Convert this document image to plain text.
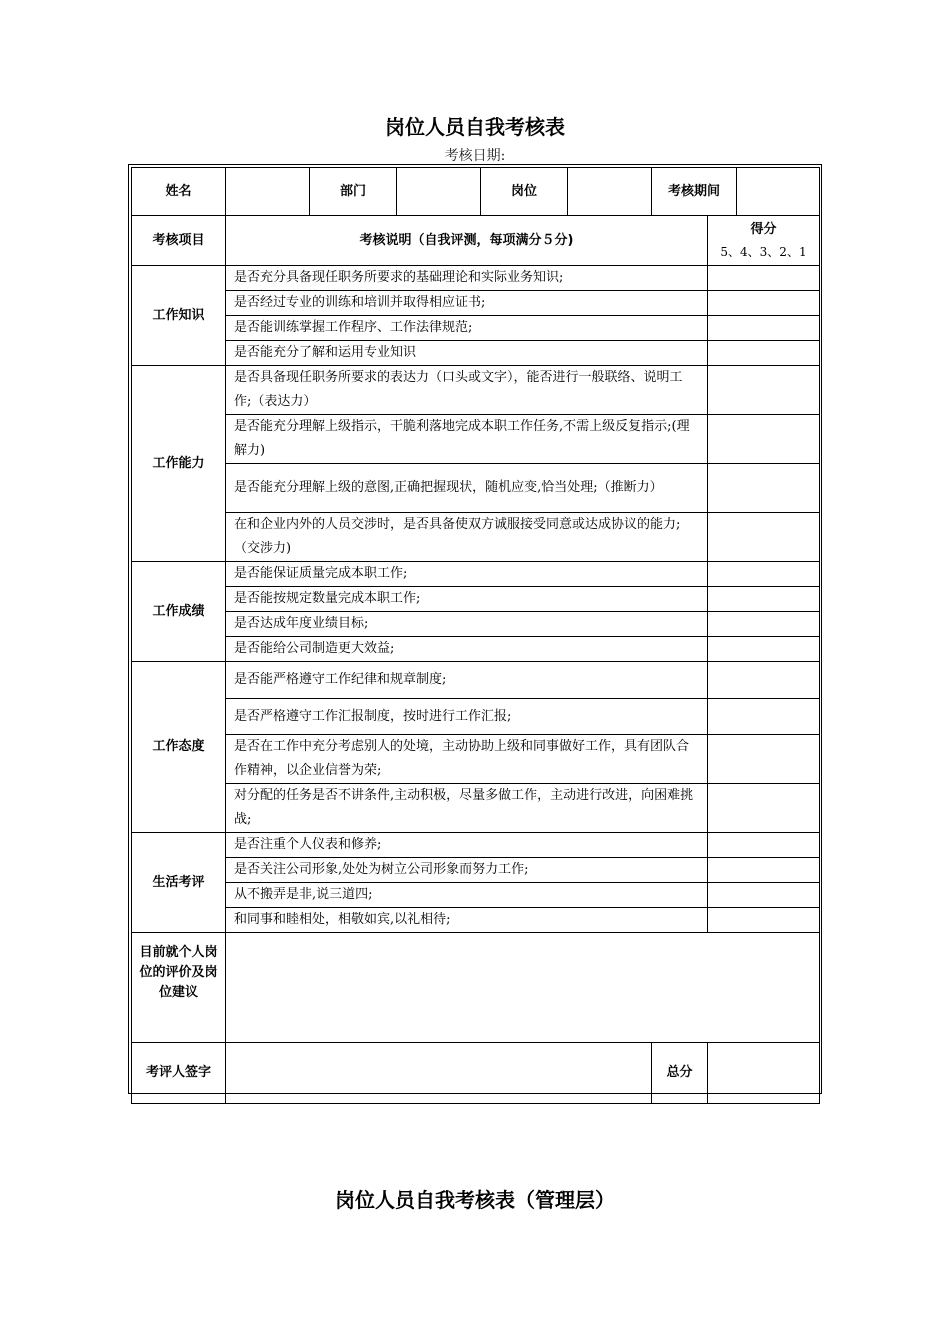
岗位人员自我考核表
考核日期:
姓名		部门		岗位		考核期间	

考核项目	考核说明（自我评测，每项满分５分)						得分
5、4、3、2、1

工作知识	是否充分具备现任职务所要求的基础理论和实际业务知识;						
	是否经过专业的训练和培训并取得相应证书;						
	是否能训练掌握工作程序、工作法律规范;						
	是否能充分了解和运用专业知识						
工作能力	是否具备现任职务所要求的表达力（口头或文字），能否进行一般联络、说明工作;（表达力）						
	是否能充分理解上级指示，干脆利落地完成本职工作任务,不需上级反复指示;(理解力)						
	是否能充分理解上级的意图,正确把握现状，随机应变,恰当处理;（推断力）						
	在和企业内外的人员交涉时，是否具备使双方诚服接受同意或达成协议的能力;（交涉力)						
工作成绩	是否能保证质量完成本职工作;						
	是否能按规定数量完成本职工作;						
	是否达成年度业绩目标;						
	是否能给公司制造更大效益;						
工作态度	是否能严格遵守工作纪律和规章制度;						
	是否严格遵守工作汇报制度，按时进行工作汇报;						
	是否在工作中充分考虑别人的处境，主动协助上级和同事做好工作，具有团队合作精神，以企业信誉为荣;						
	对分配的任务是否不讲条件,主动积极，尽量多做工作，主动进行改进，向困难挑战;						
生活考评	是否注重个人仪表和修养;						
	是否关注公司形象,处处为树立公司形象而努力工作;						
	从不搬弄是非,说三道四;						
	和同事和睦相处，相敬如宾,以礼相待;						
目前就个人岗位的评价及岗位建议							
考评人签字						总分	
岗位人员自我考核表（管理层）
